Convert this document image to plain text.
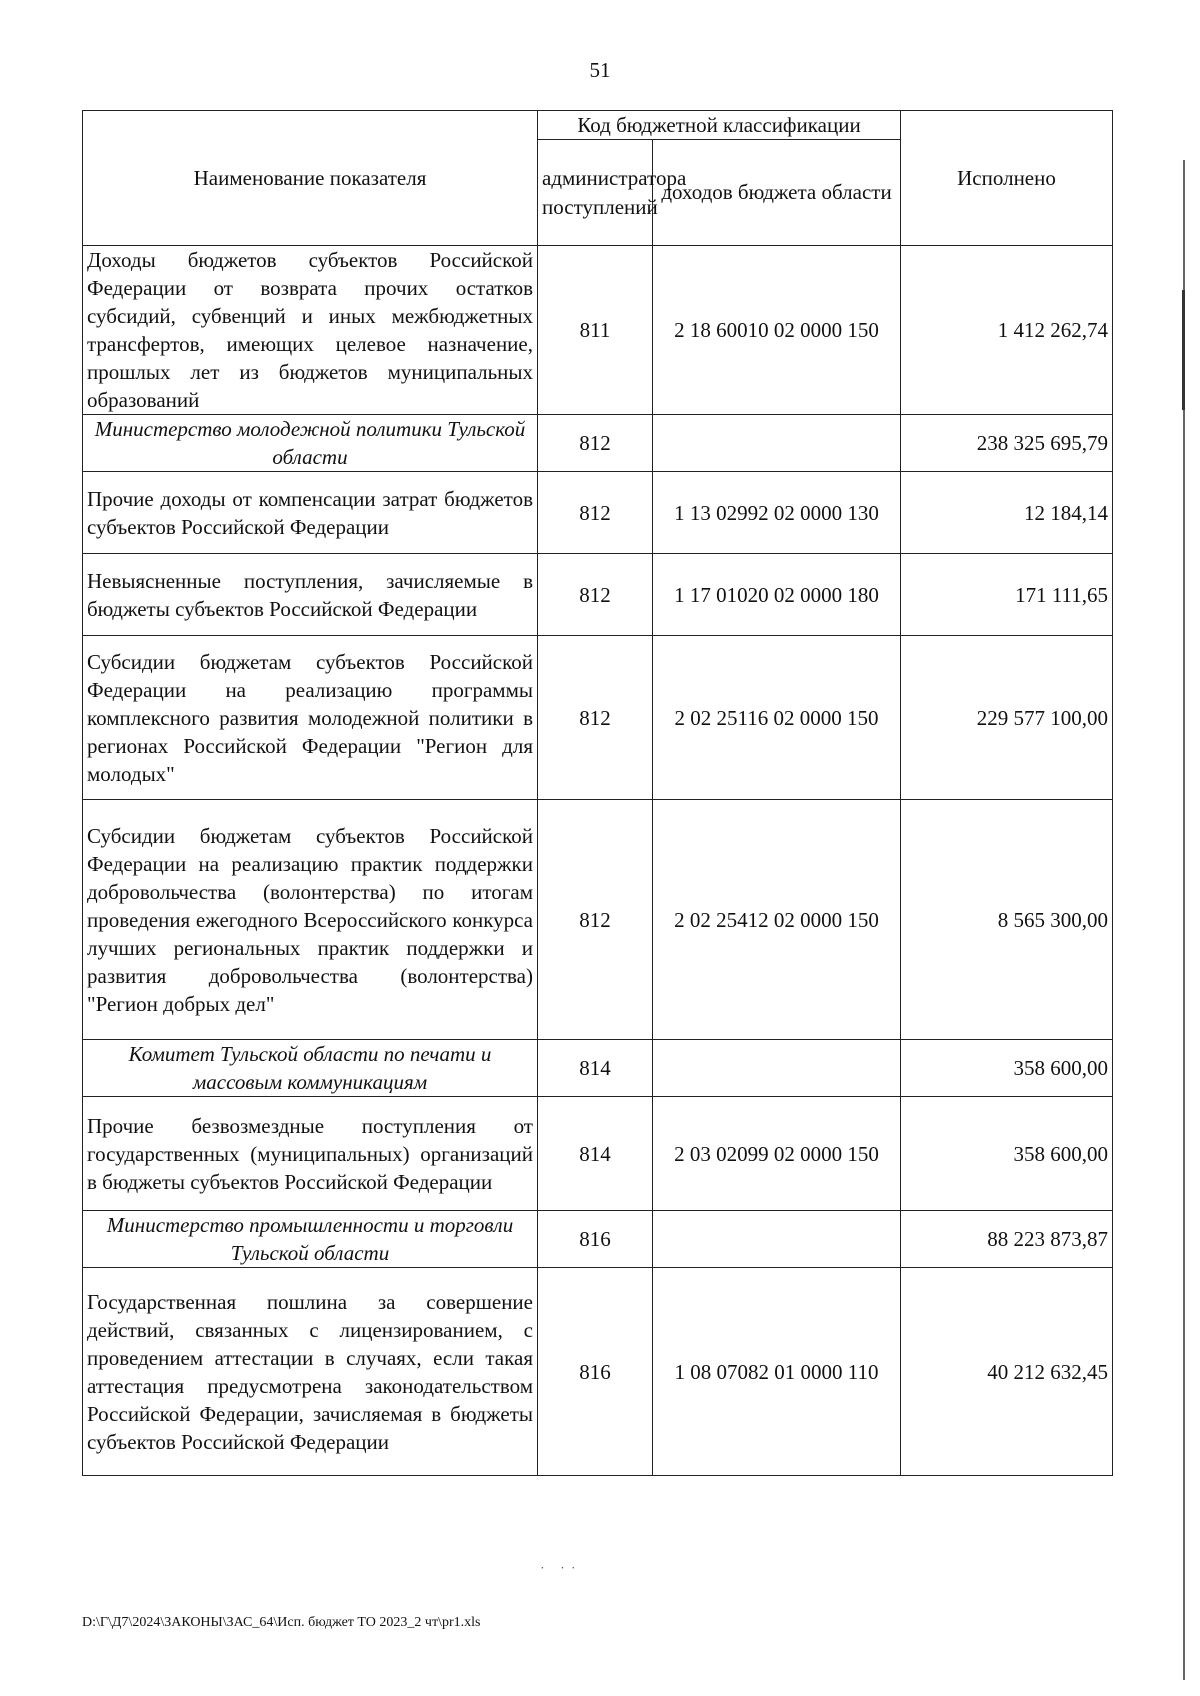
51
Наименование показателя	Код бюджетной классификации		Исполнено
	администратора поступлений	доходов бюджета области	
Доходы бюджетов субъектов Российской Федерации от возврата прочих остатков субсидий, субвенций и иных межбюджетных трансфертов, имеющих целевое назначение, прошлых лет из бюджетов муниципальных образований	811	2 18 60010 02 0000 150	1 412 262,74
Министерство молодежной политики Тульской области	812		238 325 695,79
Прочие доходы от компенсации затрат бюджетов субъектов Российской Федерации	812	1 13 02992 02 0000 130	12 184,14
Невыясненные поступления, зачисляемые в бюджеты субъектов Российской Федерации	812	1 17 01020 02 0000 180	171 111,65
Субсидии бюджетам субъектов Российской Федерации на реализацию программы комплексного развития молодежной политики в регионах Российской Федерации "Регион для молодых"	812	2 02 25116 02 0000 150	229 577 100,00
Субсидии бюджетам субъектов Российской Федерации на реализацию практик поддержки добровольчества (волонтерства) по итогам проведения ежегодного Всероссийского конкурса лучших региональных практик поддержки и развития добровольчества (волонтерства) "Регион добрых дел"	812	2 02 25412 02 0000 150	8 565 300,00
Комитет Тульской области по печати и массовым коммуникациям	814		358 600,00
Прочие безвозмездные поступления от государственных (муниципальных) организаций в бюджеты субъектов Российской Федерации	814	2 03 02099 02 0000 150	358 600,00
Министерство промышленности и торговли Тульской области	816		88 223 873,87
Государственная пошлина за совершение действий, связанных с лицензированием, с проведением аттестации в случаях, если такая аттестация предусмотрена законодательством Российской Федерации, зачисляемая в бюджеты субъектов Российской Федерации	816	1 08 07082 01 0000 110	40 212 632,45
˙ ˙˙
D:\Г\Д7\2024\ЗАКОНЫ\ЗАС_64\Исп. бюджет ТО 2023_2 чт\pr1.xls
